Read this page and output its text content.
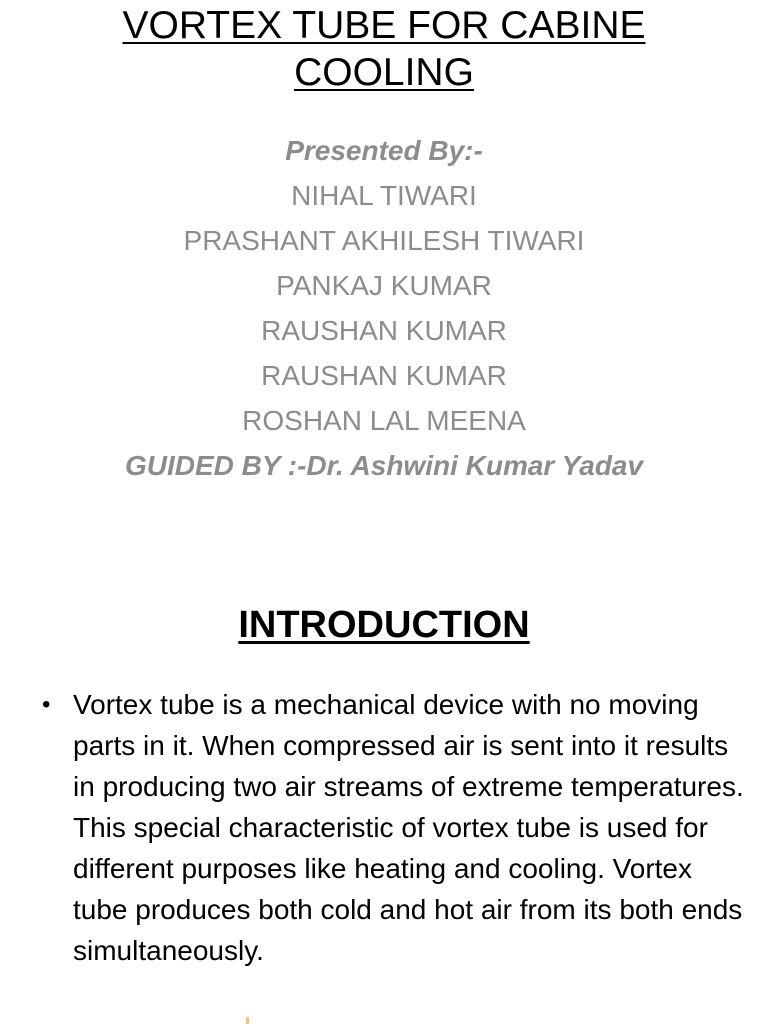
VORTEX TUBE FOR CABINE
COOLING
Presented By:-
NIHAL TIWARI
PRASHANT AKHILESH TIWARI
PANKAJ KUMAR
RAUSHAN KUMAR
RAUSHAN KUMAR
ROSHAN LAL MEENA
GUIDED BY :-Dr. Ashwini Kumar Yadav
INTRODUCTION
• Vortex tube is a mechanical device with no moving parts in it. When compressed air is sent into it results in producing two air streams of extreme temperatures. This special characteristic of vortex tube is used for different purposes like heating and cooling. Vortex tube produces both cold and hot air from its both ends simultaneously.
